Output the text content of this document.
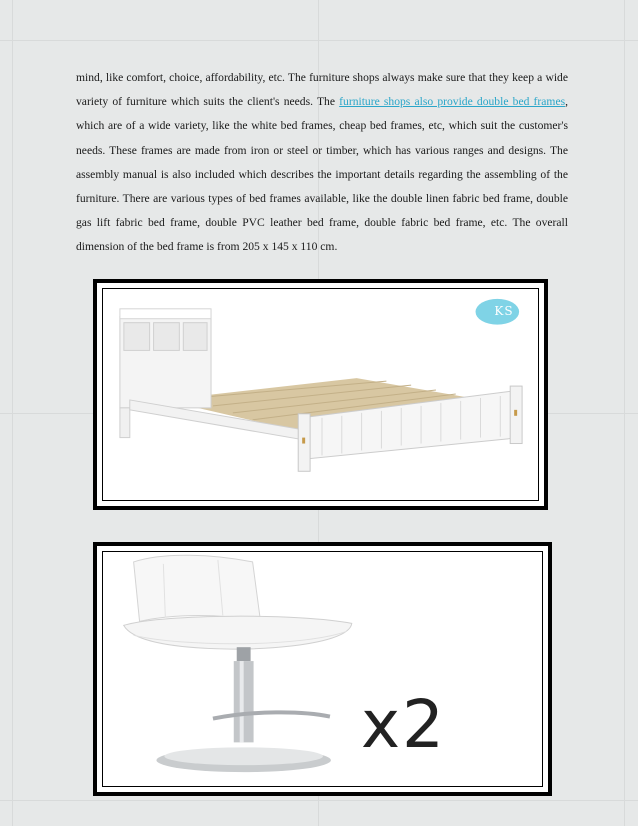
mind, like comfort, choice, affordability, etc. The furniture shops always make sure that they keep a wide variety of furniture which suits the client's needs. The furniture shops also provide double bed frames, which are of a wide variety, like the white bed frames, cheap bed frames, etc, which suit the customer's needs. These frames are made from iron or steel or timber, which has various ranges and designs. The assembly manual is also included which describes the important details regarding the assembling of the furniture. There are various types of bed frames available, like the double linen fabric bed frame, double gas lift fabric bed frame, double PVC leather bed frame, double fabric bed frame, etc. The overall dimension of the bed frame is from 205 x 145 x 110 cm.
KS
x2
